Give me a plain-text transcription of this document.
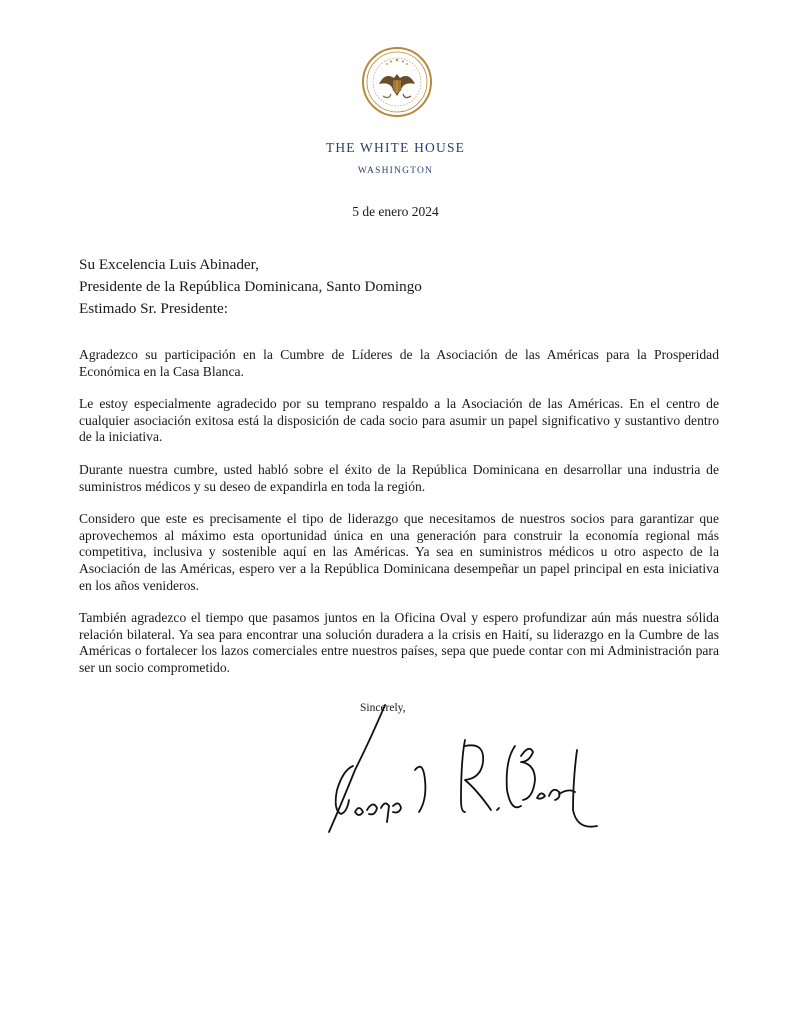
THE WHITE HOUSE
WASHINGTON
5 de enero 2024
Su Excelencia Luis Abinader,
Presidente de la República Dominicana, Santo Domingo
Estimado Sr. Presidente:

Agradezco su participación en la Cumbre de Líderes de la Asociación de las Américas para la Prosperidad Económica en la Casa Blanca.

Le estoy especialmente agradecido por su temprano respaldo a la Asociación de las Américas. En el centro de cualquier asociación exitosa está la disposición de cada socio para asumir un papel significativo y sustantivo dentro de la iniciativa.

Durante nuestra cumbre, usted habló sobre el éxito de la República Dominicana en desarrollar una industria de suministros médicos y su deseo de expandirla en toda la región.

Considero que este es precisamente el tipo de liderazgo que necesitamos de nuestros socios para garantizar que aprovechemos al máximo esta oportunidad única en una generación para construir la economía regional más competitiva, inclusiva y sostenible aquí en las Américas. Ya sea en suministros médicos u otro aspecto de la Asociación de las Américas, espero ver a la República Dominicana desempeñar un papel principal en esta iniciativa en los años venideros.

También agradezco el tiempo que pasamos juntos en la Oficina Oval y espero profundizar aún más nuestra sólida relación bilateral. Ya sea para encontrar una solución duradera a la crisis en Haití, su liderazgo en la Cumbre de las Américas o fortalecer los lazos comerciales entre nuestros países, sepa que puede contar con mi Administración para ser un socio comprometido.

Sincerely,
